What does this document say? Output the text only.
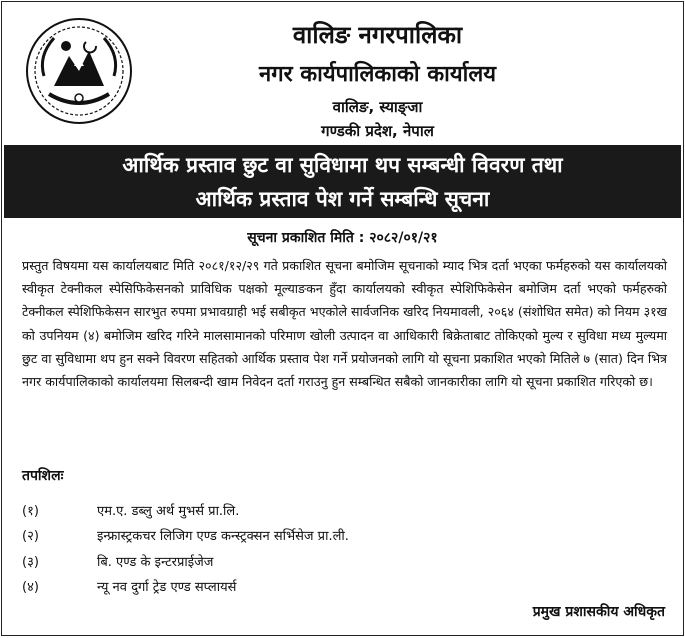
वालिङ नगरपालिका
नगर कार्यपालिकाको कार्यालय
वालिङ, स्याङ्जा
गण्डकी प्रदेश, नेपाल
आर्थिक प्रस्ताव छुट वा सुविधामा थप सम्बन्धी विवरण तथा
आर्थिक प्रस्ताव पेश गर्ने सम्बन्धि सूचना
सूचना प्रकाशित मिति : २०८२/०१/२१
प्रस्तुत विषयमा यस कार्यालयबाट मिति २०८१/१२/२९ गते प्रकाशित सूचना बमोजिम सूचनाको म्याद भित्र दर्ता भएका फर्महरुको यस कार्यालयको स्वीकृत टेक्नीकल स्पेसिफिकेसनको प्राविधिक पक्षको मूल्याङकन हुँदा कार्यालयको स्वीकृत स्पेशिफिकेसेन बमोजिम दर्ता भएको फर्महरुको टेक्नीकल स्पेशिफिकेसन सारभुत रुपमा प्रभावग्राही भई सबीकृत भएकोले सार्वजनिक खरिद नियमावली, २०६४ (संशोधित समेत) को नियम ३१ख को उपनियम (४) बमोजिम खरिद गरिने मालसामानको परिमाण खोली उत्पादन वा आधिकारी बिक्रेताबाट तोकिएको मुल्य र सुविधा मध्य मुल्यमा छुट वा सुविधामा थप हुन सक्ने विवरण सहितको आर्थिक प्रस्ताव पेश गर्ने प्रयोजनको लागि यो सूचना प्रकाशित भएको मितिले ७ (सात) दिन भित्र नगर कार्यपालिकाको कार्यालयमा सिलबन्दी खाम निवेदन दर्ता गराउनु हुन सम्बन्धित सबैको जानकारीका लागि यो सूचना प्रकाशित गरिएको छ।
तपशिलः
(१)	एम.ए. डब्लु अर्थ मुभर्स प्रा.लि.
(२)	इन्फ्रास्ट्रकचर लिजिग एण्ड कन्स्ट्रक्सन सर्भिसेज प्रा.ली.
(३)	बि. एण्ड के इन्टरप्राईजेज
(४)	न्यू नव दुर्गा ट्रेड एण्ड सप्लायर्स
प्रमुख प्रशासकीय अधिकृत
